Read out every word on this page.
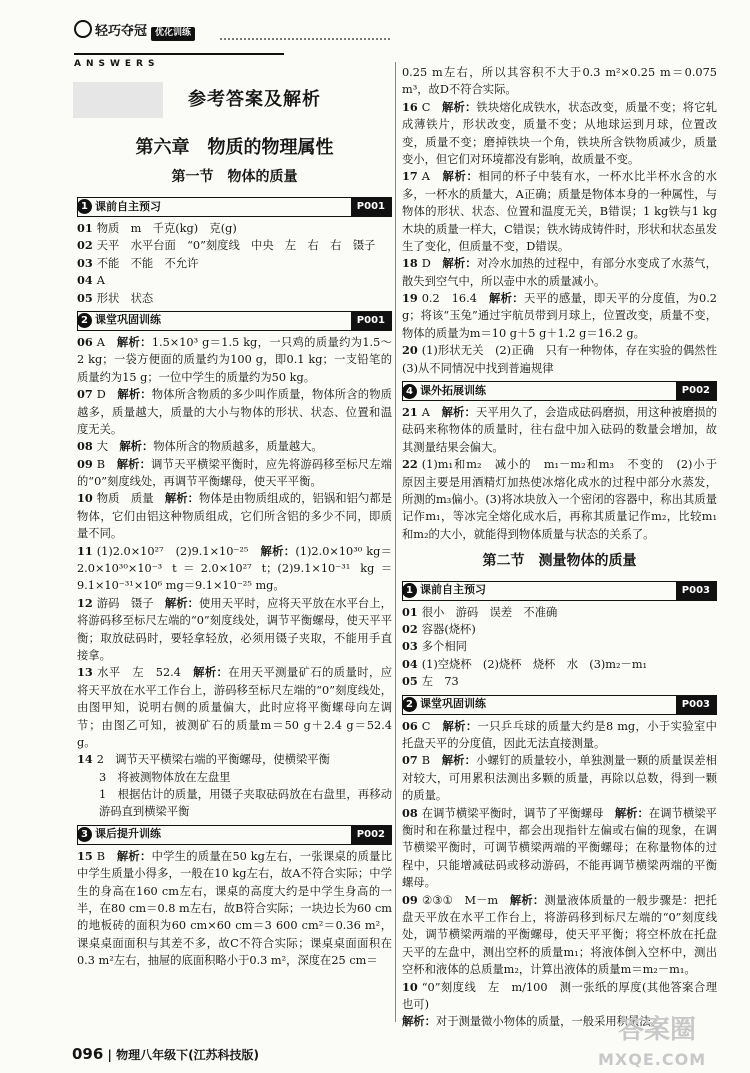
轻巧夺冠 优化训练
ANSWERS
参考答案及解析
第六章　物质的物理属性
第一节　物体的质量
1 课前自主预习	P001

01 物质　m　千克(kg)　克(g)

02 天平　水平台面　“0”刻度线　中央　左　右　右　镊子

03 不能　不能　不允许

04 A

05 形状　状态

2 课堂巩固训练	P001

06 A　解析：1.5×10³ g＝1.5 kg，一只鸡的质量约为1.5～2 kg；一袋方便面的质量约为100 g，即0.1 kg；一支铅笔的质量约为15 g；一位中学生的质量约为50 kg。

07 D　解析：物体所含物质的多少叫作质量，物体所含的物质越多，质量越大，质量的大小与物体的形状、状态、位置和温度无关。

08 大　解析：物体所含的物质越多，质量越大。

09 B　解析：调节天平横梁平衡时，应先将游码移至标尺左端的“0”刻度线处，再调节平衡螺母，使天平平衡。

10 物质　质量　解析：物体是由物质组成的，铝锅和铝勺都是物体，它们由铝这种物质组成，它们所含铝的多少不同，即质量不同。

11 (1)2.0×10²⁷　(2)9.1×10⁻²⁵　解析：(1)2.0×10³⁰ kg＝2.0×10³⁰×10⁻³ t＝2.0×10²⁷ t；(2)9.1×10⁻³¹ kg＝9.1×10⁻³¹×10⁶ mg＝9.1×10⁻²⁵ mg。

12 游码　镊子　解析：使用天平时，应将天平放在水平台上，将游码移至标尺左端的“0”刻度线处，调节平衡螺母，使天平平衡；取放砝码时，要轻拿轻放，必须用镊子夹取，不能用手直接拿。

13 水平　左　52.4　解析：在用天平测量矿石的质量时，应将天平放在水平工作台上，游码移至标尺左端的“0”刻度线处，由图甲知，说明右侧的质量偏大，此时应将平衡螺母向左调节；由图乙可知，被测矿石的质量m＝50 g＋2.4 g＝52.4 g。

14 2　调节天平横梁右端的平衡螺母，使横梁平衡

3　将被测物体放在左盘里

1　根据估计的质量，用镊子夹取砝码放在右盘里，再移动游码直到横梁平衡

3 课后提升训练	P002

15 B　解析：中学生的质量在50 kg左右，一张课桌的质量比中学生质量小得多，一般在10 kg左右，故A不符合实际；中学生的身高在160 cm左右，课桌的高度大约是中学生身高的一半，在80 cm＝0.8 m左右，故B符合实际；一块边长为60 cm的地板砖的面积为60 cm×60 cm＝3 600 cm²＝0.36 m²，课桌桌面面积与其差不多，故C不符合实际；课桌桌面面积在0.3 m²左右，抽屉的底面积略小于0.3 m²，深度在25 cm＝

0.25 m左右，所以其容积不大于0.3 m²×0.25 m＝0.075 m³，故D不符合实际。

16 C　解析：铁块熔化成铁水，状态改变，质量不变；将它轧成薄铁片，形状改变，质量不变；从地球运到月球，位置改变，质量不变；磨掉铁块一个角，铁块所含铁物质减少，质量变小，但它们对环境都没有影响，故质量不变。

17 A　解析：相同的杯子中装有水，一杯水比半杯水含的水多，一杯水的质量大，A正确；质量是物体本身的一种属性，与物体的形状、状态、位置和温度无关，B错误；1 kg铁与1 kg木块的质量一样大，C错误；铁水铸成铸件时，形状和状态虽发生了变化，但质量不变，D错误。

18 D　解析：对冷水加热的过程中，有部分水变成了水蒸气，散失到空气中，所以壶中水的质量减小。

19 0.2　16.4　解析：天平的感量，即天平的分度值，为0.2 g；将该“玉兔”通过宇航员带到月球上，位置改变，质量不变，物体的质量为m＝10 g＋5 g＋1.2 g＝16.2 g。

20 (1)形状无关　(2)正确　只有一种物体，存在实验的偶然性　(3)从不同情况中找到普遍规律

4 课外拓展训练	P002

21 A　解析：天平用久了，会造成砝码磨损，用这种被磨损的砝码来称物体的质量时，往右盘中加入砝码的数量会增加，故其测量结果会偏大。

22 (1)m₁和m₂　减小的　m₁－m₂和m₃　不变的　(2)小于　原因主要是用酒精灯加热使冰熔化成水的过程中部分水蒸发，所测的m₃偏小。(3)将冰块放入一个密闭的容器中，称出其质量记作m₁，等冰完全熔化成水后，再称其质量记作m₂，比较m₁和m₂的大小，就能得到物体质量与状态的关系了。

第二节　测量物体的质量
1 课前自主预习	P003

01 很小　游码　误差　不准确

02 容器(烧杯)

03 多个相同

04 (1)空烧杯　(2)烧杯　烧杯　水　(3)m₂－m₁

05 左　73

2 课堂巩固训练	P003

06 C　解析：一只乒乓球的质量大约是8 mg，小于实验室中托盘天平的分度值，因此无法直接测量。

07 B　解析：小螺钉的质量较小，单独测量一颗的质量误差相对较大，可用累积法测出多颗的质量，再除以总数，得到一颗的质量。

08 在调节横梁平衡时，调节了平衡螺母　解析：在调节横梁平衡时和在称量过程中，都会出现指针左偏或右偏的现象，在调节横梁平衡时，可调节横梁两端的平衡螺母；在称量物体的过程中，只能增减砝码或移动游码，不能再调节横梁两端的平衡螺母。

09 ②③①　M－m　解析：测量液体质量的一般步骤是：把托盘天平放在水平工作台上，将游码移到标尺左端的“0”刻度线处，调节横梁两端的平衡螺母，使天平平衡；将空杯放在托盘天平的左盘中，测出空杯的质量m₁；将液体倒入空杯中，测出空杯和液体的总质量m₂，计算出液体的质量m＝m₂－m₁。

10 “0”刻度线　左　m/100　测一张纸的厚度(其他答案合理也可)

解析：对于测量微小物体的质量，一般采用积累法。

096 | 物理八年级下(江苏科技版)
答案圈
MXQE.COM
